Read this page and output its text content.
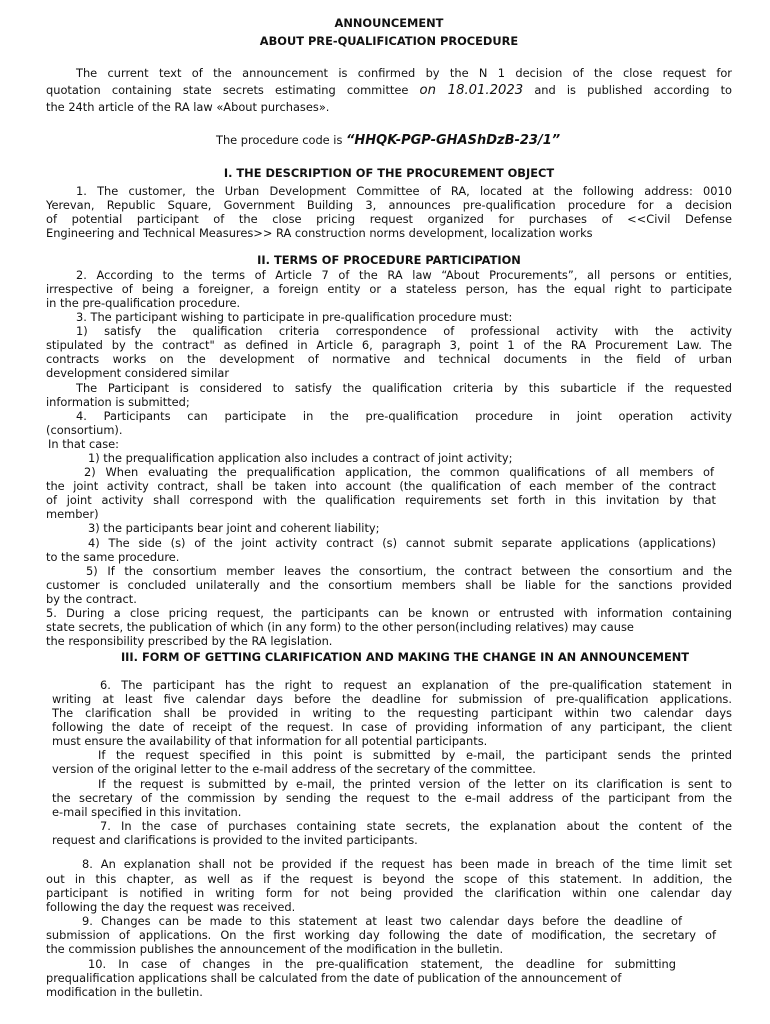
ANNOUNCEMENT
ABOUT PRE-QUALIFICATION PROCEDURE
The current text of the announcement is confirmed by the N 1 decision of the close request for
quotation containing state secrets estimating committee on 18.01.2023 and is published according to
the 24th article of the RA law «About purchases».
The procedure code is “HHQK-PGP-GHAShDzB-23/1”
I. THE DESCRIPTION OF THE PROCUREMENT OBJECT
1. The customer, the Urban Development Committee of RA, located at the following address: 0010
Yerevan, Republic Square, Government Building 3, announces pre-qualification procedure for a decision
of potential participant of the close pricing request organized for purchases of <<Civil Defense
Engineering and Technical Measures>> RA construction norms development, localization works
II. TERMS OF PROCEDURE PARTICIPATION
2. According to the terms of Article 7 of the RA law “About Procurements”, all persons or entities,
irrespective of being a foreigner, a foreign entity or a stateless person, has the equal right to participate
in the pre-qualification procedure.
3. The participant wishing to participate in pre-qualification procedure must:
1) satisfy the qualification criteria correspondence of professional activity with the activity
stipulated by the contract" as defined in Article 6, paragraph 3, point 1 of the RA Procurement Law. The
contracts works on the development of normative and technical documents in the field of urban
development considered similar
The Participant is considered to satisfy the qualification criteria by this subarticle if the requested
information is submitted;
4. Participants can participate in the pre-qualification procedure in joint operation activity
(consortium).
In that case:
1) the prequalification application also includes a contract of joint activity;
2) When evaluating the prequalification application, the common qualifications of all members of
the joint activity contract, shall be taken into account (the qualification of each member of the contract
of joint activity shall correspond with the qualification requirements set forth in this invitation by that
member)
3) the participants bear joint and coherent liability;
4) The side (s) of the joint activity contract (s) cannot submit separate applications (applications)
to the same procedure.
5) If the consortium member leaves the consortium, the contract between the consortium and the
customer is concluded unilaterally and the consortium members shall be liable for the sanctions provided
by the contract.
5. During a close pricing request, the participants can be known or entrusted with information containing
state secrets, the publication of which (in any form) to the other person(including relatives) may cause
the responsibility prescribed by the RA legislation.
III. FORM OF GETTING CLARIFICATION AND MAKING THE CHANGE IN AN ANNOUNCEMENT
6. The participant has the right to request an explanation of the pre-qualification statement in
writing at least five calendar days before the deadline for submission of pre-qualification applications.
The clarification shall be provided in writing to the requesting participant within two calendar days
following the date of receipt of the request. In case of providing information of any participant, the client
must ensure the availability of that information for all potential participants.
If the request specified in this point is submitted by e-mail, the participant sends the printed
version of the original letter to the e-mail address of the secretary of the committee.
If the request is submitted by e-mail, the printed version of the letter on its clarification is sent to
the secretary of the commission by sending the request to the e-mail address of the participant from the
e-mail specified in this invitation.
7. In the case of purchases containing state secrets, the explanation about the content of the
request and clarifications is provided to the invited participants.
8. An explanation shall not be provided if the request has been made in breach of the time limit set
out in this chapter, as well as if the request is beyond the scope of this statement. In addition, the
participant is notified in writing form for not being provided the clarification within one calendar day
following the day the request was received.
9. Changes can be made to this statement at least two calendar days before the deadline of
submission of applications. On the first working day following the date of modification, the secretary of
the commission publishes the announcement of the modification in the bulletin.
10. In case of changes in the pre-qualification statement, the deadline for submitting
prequalification applications shall be calculated from the date of publication of the announcement of
modification in the bulletin.
